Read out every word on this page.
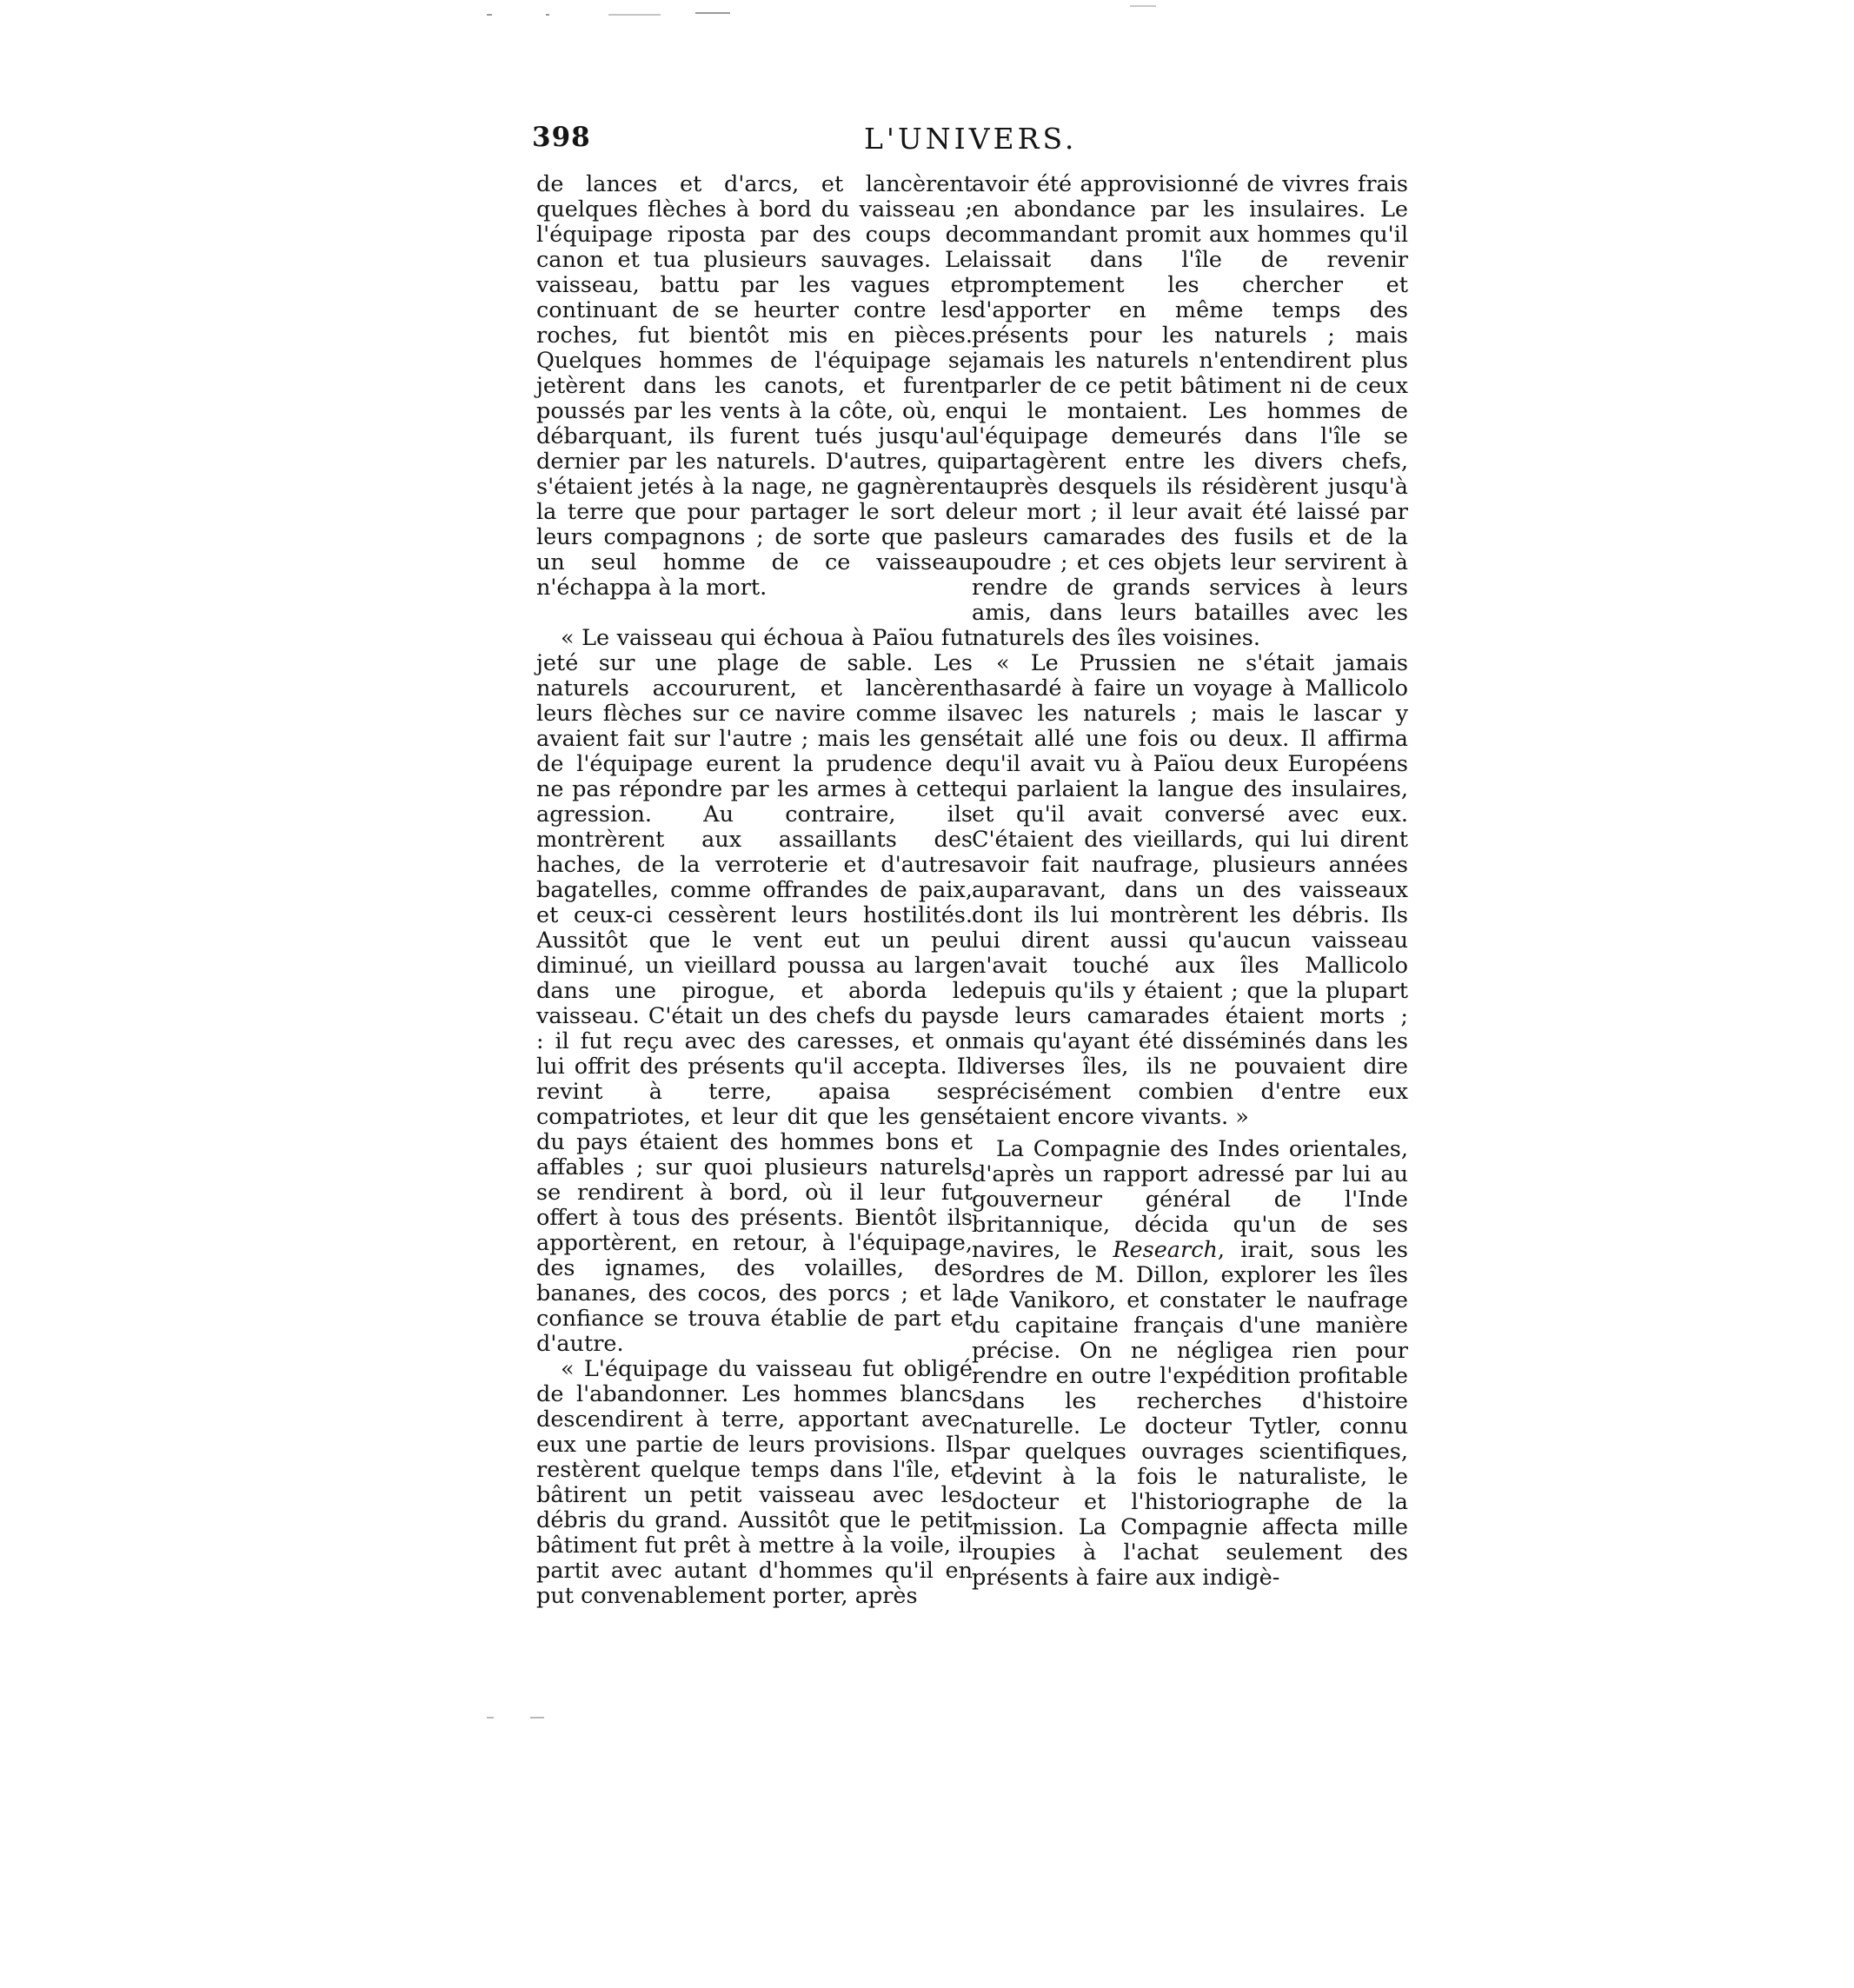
398	L'UNIVERS.

de lances et d'arcs, et lancèrent quelques flèches à bord du vaisseau ; l'équipage riposta par des coups de canon et tua plusieurs sauvages. Le vaisseau, battu par les vagues et continuant de se heurter contre les roches, fut bientôt mis en pièces. Quelques hommes de l'équipage se jetèrent dans les canots, et furent poussés par les vents à la côte, où, en débarquant, ils furent tués jusqu'au dernier par les naturels. D'autres, qui s'étaient jetés à la nage, ne gagnèrent la terre que pour partager le sort de leurs compagnons ; de sorte que pas un seul homme de ce vaisseau n'échappa à la mort.

« Le vaisseau qui échoua à Païou fut jeté sur une plage de sable. Les naturels accoururent, et lancèrent leurs flèches sur ce navire comme ils avaient fait sur l'autre ; mais les gens de l'équipage eurent la prudence de ne pas répondre par les armes à cette agression. Au contraire, ils montrèrent aux assaillants des haches, de la verroterie et d'autres bagatelles, comme offrandes de paix, et ceux-ci cessèrent leurs hostilités. Aussitôt que le vent eut un peu diminué, un vieillard poussa au large dans une pirogue, et aborda le vaisseau. C'était un des chefs du pays : il fut reçu avec des caresses, et on lui offrit des présents qu'il accepta. Il revint à terre, apaisa ses compatriotes, et leur dit que les gens du pays étaient des hommes bons et affables ; sur quoi plusieurs naturels se rendirent à bord, où il leur fut offert à tous des présents. Bientôt ils apportèrent, en retour, à l'équipage, des ignames, des volailles, des bananes, des cocos, des porcs ; et la confiance se trouva établie de part et d'autre.

« L'équipage du vaisseau fut obligé de l'abandonner. Les hommes blancs descendirent à terre, apportant avec eux une partie de leurs provisions. Ils restèrent quelque temps dans l'île, et bâtirent un petit vaisseau avec les débris du grand. Aussitôt que le petit bâtiment fut prêt à mettre à la voile, il partit avec autant d'hommes qu'il en put convenablement porter, après

avoir été approvisionné de vivres frais en abondance par les insulaires. Le commandant promit aux hommes qu'il laissait dans l'île de revenir promptement les chercher et d'apporter en même temps des présents pour les naturels ; mais jamais les naturels n'entendirent plus parler de ce petit bâtiment ni de ceux qui le montaient. Les hommes de l'équipage demeurés dans l'île se partagèrent entre les divers chefs, auprès desquels ils résidèrent jusqu'à leur mort ; il leur avait été laissé par leurs camarades des fusils et de la poudre ; et ces objets leur servirent à rendre de grands services à leurs amis, dans leurs batailles avec les naturels des îles voisines.

« Le Prussien ne s'était jamais hasardé à faire un voyage à Mallicolo avec les naturels ; mais le lascar y était allé une fois ou deux. Il affirma qu'il avait vu à Païou deux Européens qui parlaient la langue des insulaires, et qu'il avait conversé avec eux. C'étaient des vieillards, qui lui dirent avoir fait naufrage, plusieurs années auparavant, dans un des vaisseaux dont ils lui montrèrent les débris. Ils lui dirent aussi qu'aucun vaisseau n'avait touché aux îles Mallicolo depuis qu'ils y étaient ; que la plupart de leurs camarades étaient morts ; mais qu'ayant été disséminés dans les diverses îles, ils ne pouvaient dire précisément combien d'entre eux étaient encore vivants. »

La Compagnie des Indes orientales, d'après un rapport adressé par lui au gouverneur général de l'Inde britannique, décida qu'un de ses navires, le Research, irait, sous les ordres de M. Dillon, explorer les îles de Vanikoro, et constater le naufrage du capitaine français d'une manière précise. On ne négligea rien pour rendre en outre l'expédition profitable dans les recherches d'histoire naturelle. Le docteur Tytler, connu par quelques ouvrages scientifiques, devint à la fois le naturaliste, le docteur et l'historiographe de la mission. La Compagnie affecta mille roupies à l'achat seulement des présents à faire aux indigè-
